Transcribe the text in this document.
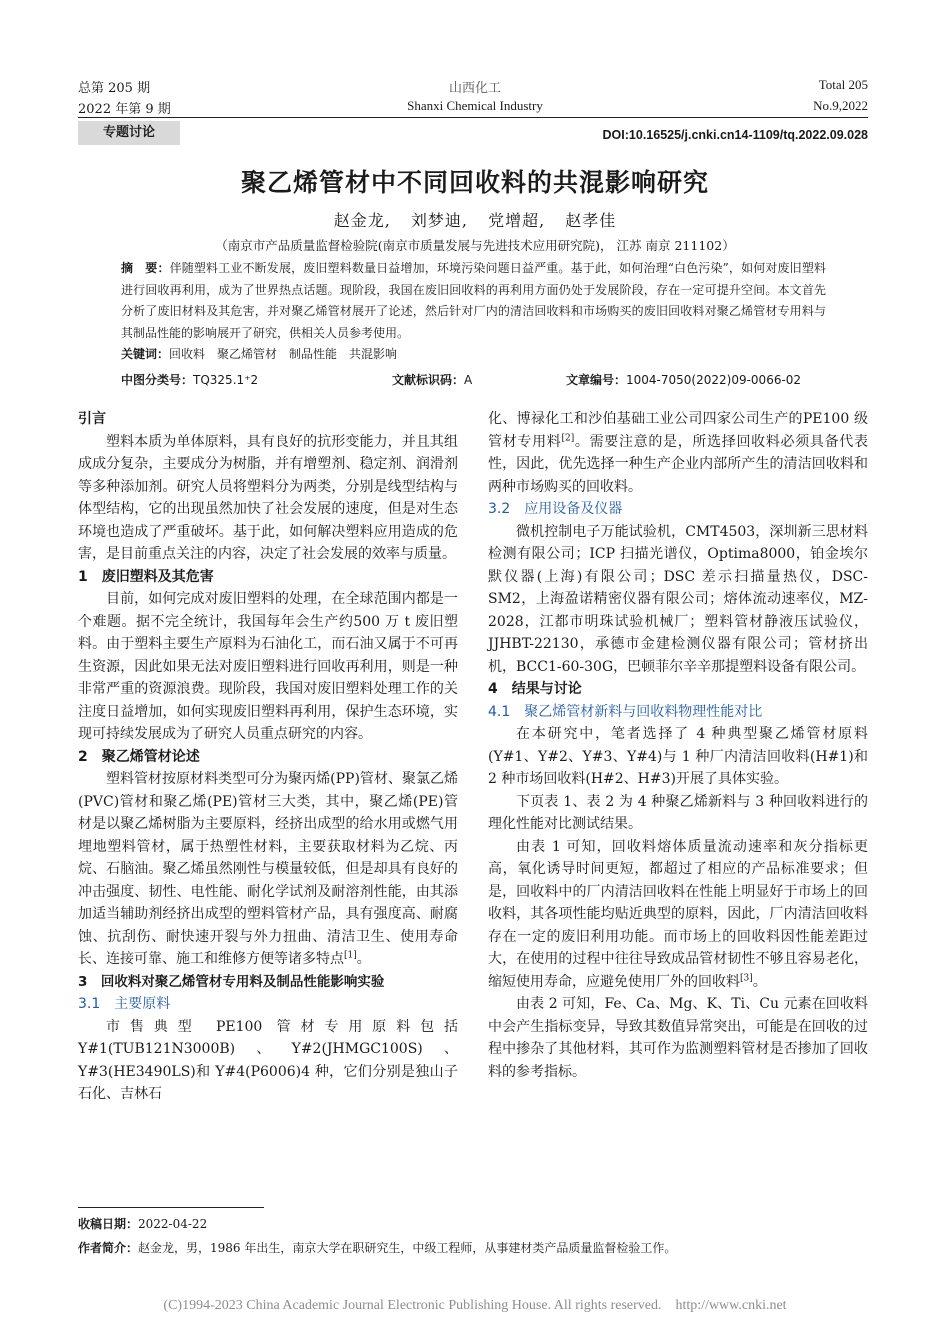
总第 205 期
2022 年第 9 期
山西化工
Shanxi Chemical Industry
Total 205
No.9,2022
专题讨论	DOI:10.16525/j.cnki.cn14-1109/tq.2022.09.028
聚乙烯管材中不同回收料的共混影响研究
赵金龙, 刘梦迪, 党增超, 赵孝佳
（南京市产品质量监督检验院(南京市质量发展与先进技术应用研究院)， 江苏 南京 211102）
摘　要：伴随塑料工业不断发展，废旧塑料数量日益增加，环境污染问题日益严重。基于此，如何治理“白色污染”，如何对废旧塑料进行回收再利用，成为了世界热点话题。现阶段，我国在废旧回收料的再利用方面仍处于发展阶段，存在一定可提升空间。本文首先分析了废旧材料及其危害，并对聚乙烯管材展开了论述，然后针对厂内的清洁回收料和市场购买的废旧回收料对聚乙烯管材专用料与其制品性能的影响展开了研究，供相关人员参考使用。
关键词：回收料　聚乙烯管材　制品性能　共混影响
中图分类号：TQ325.1⁺2	文献标识码：A	文章编号：1004-7050(2022)09-0066-02

引言

塑料本质为单体原料，具有良好的抗形变能力，并且其组成成分复杂，主要成分为树脂，并有增塑剂、稳定剂、润滑剂等多种添加剂。研究人员将塑料分为两类，分别是线型结构与体型结构，它的出现虽然加快了社会发展的速度，但是对生态环境也造成了严重破坏。基于此，如何解决塑料应用造成的危害，是目前重点关注的内容，决定了社会发展的效率与质量。

1　废旧塑料及其危害

目前，如何完成对废旧塑料的处理，在全球范围内都是一个难题。据不完全统计，我国每年会生产约500 万 t 废旧塑料。由于塑料主要生产原料为石油化工，而石油又属于不可再生资源，因此如果无法对废旧塑料进行回收再利用，则是一种非常严重的资源浪费。现阶段，我国对废旧塑料处理工作的关注度日益增加，如何实现废旧塑料再利用，保护生态环境，实现可持续发展成为了研究人员重点研究的内容。

2　聚乙烯管材论述

塑料管材按原材料类型可分为聚丙烯(PP)管材、聚氯乙烯(PVC)管材和聚乙烯(PE)管材三大类，其中，聚乙烯(PE)管材是以聚乙烯树脂为主要原料，经挤出成型的给水用或燃气用埋地塑料管材，属于热塑性材料，主要获取材料为乙烷、丙烷、石脑油。聚乙烯虽然刚性与模量较低，但是却具有良好的冲击强度、韧性、电性能、耐化学试剂及耐溶剂性能，由其添加适当辅助剂经挤出成型的塑料管材产品，具有强度高、耐腐蚀、抗刮伤、耐快速开裂与外力扭曲、清洁卫生、使用寿命长、连接可靠、施工和维修方便等诸多特点[1]。

3　回收料对聚乙烯管材专用料及制品性能影响实验

3.1　主要原料

市售典型 PE100 管材专用原料包括 Y#1(TUB121N3000B)、Y#2(JHMGC100S)、Y#3(HE3490LS)和 Y#4(P6006)4 种，它们分别是独山子石化、吉林石

化、博禄化工和沙伯基础工业公司四家公司生产的PE100 级管材专用料[2]。需要注意的是，所选择回收料必须具备代表性，因此，优先选择一种生产企业内部所产生的清洁回收料和两种市场购买的回收料。

3.2　应用设备及仪器

微机控制电子万能试验机，CMT4503，深圳新三思材料检测有限公司；ICP 扫描光谱仪，Optima8000，铂金埃尔默仪器(上海)有限公司；DSC 差示扫描量热仪，DSC-SM2，上海盈诺精密仪器有限公司；熔体流动速率仪，MZ-2028，江都市明珠试验机械厂；塑料管材静液压试验仪，JJHBT-22130，承德市金建检测仪器有限公司；管材挤出机，BCC1-60-30G，巴顿菲尔辛辛那提塑料设备有限公司。

4　结果与讨论

4.1　聚乙烯管材新料与回收料物理性能对比

在本研究中，笔者选择了 4 种典型聚乙烯管材原料(Y#1、Y#2、Y#3、Y#4)与 1 种厂内清洁回收料(H#1)和 2 种市场回收料(H#2、H#3)开展了具体实验。

下页表 1、表 2 为 4 种聚乙烯新料与 3 种回收料进行的理化性能对比测试结果。

由表 1 可知，回收料熔体质量流动速率和灰分指标更高，氧化诱导时间更短，都超过了相应的产品标准要求；但是，回收料中的厂内清洁回收料在性能上明显好于市场上的回收料，其各项性能均贴近典型的原料，因此，厂内清洁回收料存在一定的废旧利用功能。而市场上的回收料因性能差距过大，在使用的过程中往往导致成品管材韧性不够且容易老化，缩短使用寿命，应避免使用厂外的回收料[3]。

由表 2 可知，Fe、Ca、Mg、K、Ti、Cu 元素在回收料中会产生指标变异，导致其数值异常突出，可能是在回收的过程中掺杂了其他材料，其可作为监测塑料管材是否掺加了回收料的参考指标。

收稿日期：2022-04-22
作者简介：赵金龙，男，1986 年出生，南京大学在职研究生，中级工程师，从事建材类产品质量监督检验工作。
(C)1994-2023 China Academic Journal Electronic Publishing House. All rights reserved.    http://www.cnki.net
